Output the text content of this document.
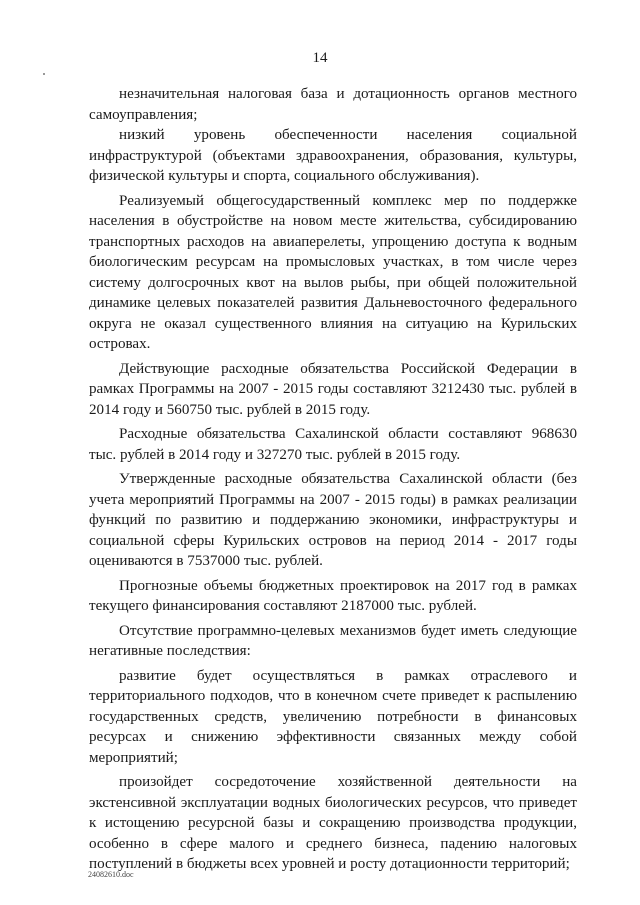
14

незначительная налоговая база и дотационность органов местного самоуправления;

низкий уровень обеспеченности населения социальной инфраструктурой (объектами здравоохранения, образования, культуры, физической культуры и спорта, социального обслуживания).

Реализуемый общегосударственный комплекс мер по поддержке населения в обустройстве на новом месте жительства, субсидированию транспортных расходов на авиаперелеты, упрощению доступа к водным биологическим ресурсам на промысловых участках, в том числе через систему долгосрочных квот на вылов рыбы, при общей положительной динамике целевых показателей развития Дальневосточного федерального округа не оказал существенного влияния на ситуацию на Курильских островах.

Действующие расходные обязательства Российской Федерации в рамках Программы на 2007 - 2015 годы составляют 3212430 тыс. рублей в 2014 году и 560750 тыс. рублей в 2015 году.

Расходные обязательства Сахалинской области составляют 968630 тыс. рублей в 2014 году и 327270 тыс. рублей в 2015 году.

Утвержденные расходные обязательства Сахалинской области (без учета мероприятий Программы на 2007 - 2015 годы) в рамках реализации функций по развитию и поддержанию экономики, инфраструктуры и социальной сферы Курильских островов на период 2014 - 2017 годы оцениваются в 7537000 тыс. рублей.

Прогнозные объемы бюджетных проектировок на 2017 год в рамках текущего финансирования составляют 2187000 тыс. рублей.

Отсутствие программно-целевых механизмов будет иметь следующие негативные последствия:

развитие будет осуществляться в рамках отраслевого и территориального подходов, что в конечном счете приведет к распылению государственных средств, увеличению потребности в финансовых ресурсах и снижению эффективности связанных между собой мероприятий;

произойдет сосредоточение хозяйственной деятельности на экстенсивной эксплуатации водных биологических ресурсов, что приведет к истощению ресурсной базы и сокращению производства продукции, особенно в сфере малого и среднего бизнеса, падению налоговых поступлений в бюджеты всех уровней и росту дотационности территорий;

24082610.doc
